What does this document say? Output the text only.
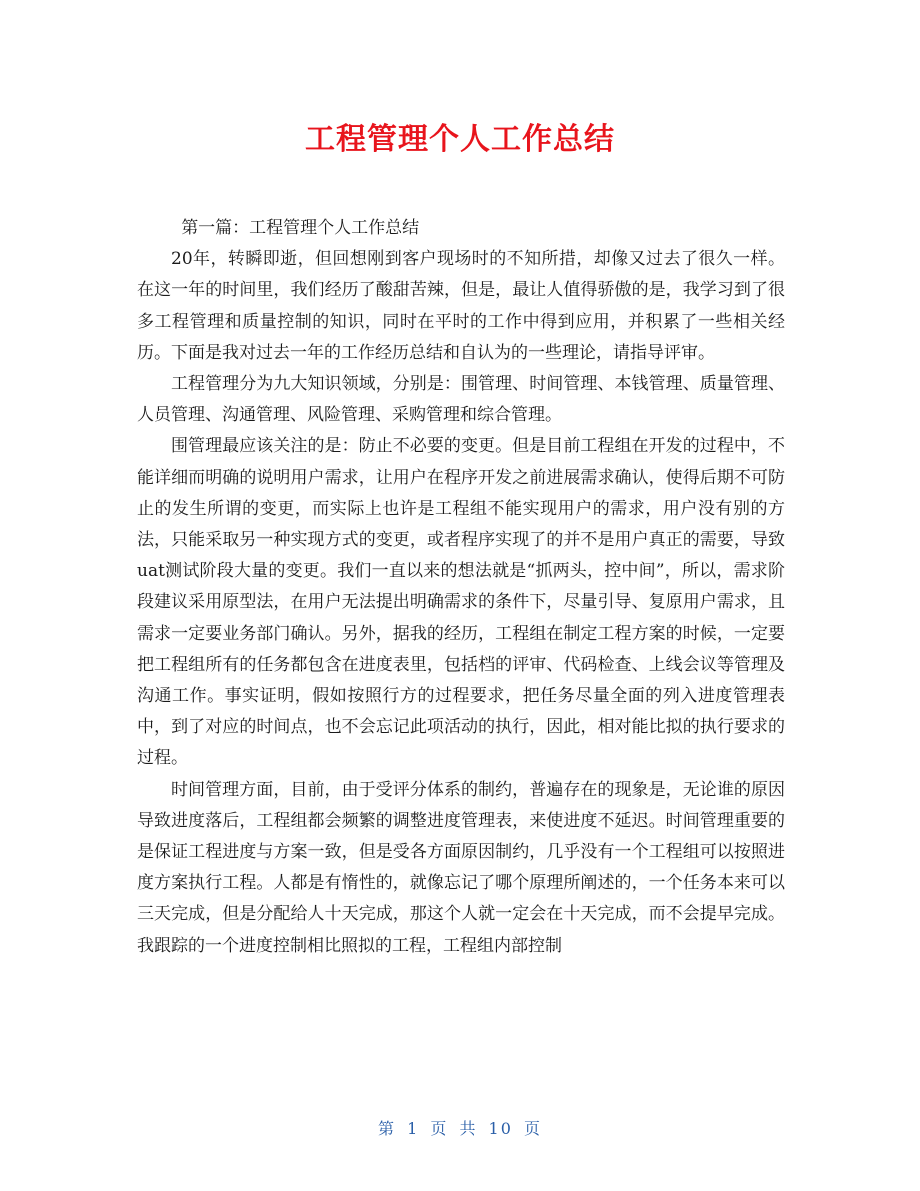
工程管理个人工作总结

第一篇：工程管理个人工作总结

20年，转瞬即逝，但回想刚到客户现场时的不知所措，却像又过去了很久一样。在这一年的时间里，我们经历了酸甜苦辣，但是，最让人值得骄傲的是，我学习到了很多工程管理和质量控制的知识，同时在平时的工作中得到应用，并积累了一些相关经历。下面是我对过去一年的工作经历总结和自认为的一些理论，请指导评审。

工程管理分为九大知识领域，分别是：围管理、时间管理、本钱管理、质量管理、人员管理、沟通管理、风险管理、采购管理和综合管理。

围管理最应该关注的是：防止不必要的变更。但是目前工程组在开发的过程中，不能详细而明确的说明用户需求，让用户在程序开发之前进展需求确认，使得后期不可防止的发生所谓的变更，而实际上也许是工程组不能实现用户的需求，用户没有别的方法，只能采取另一种实现方式的变更，或者程序实现了的并不是用户真正的需要，导致uat测试阶段大量的变更。我们一直以来的想法就是“抓两头，控中间”，所以，需求阶段建议采用原型法，在用户无法提出明确需求的条件下，尽量引导、复原用户需求，且需求一定要业务部门确认。另外，据我的经历，工程组在制定工程方案的时候，一定要把工程组所有的任务都包含在进度表里，包括档的评审、代码检查、上线会议等管理及沟通工作。事实证明，假如按照行方的过程要求，把任务尽量全面的列入进度管理表中，到了对应的时间点，也不会忘记此项活动的执行，因此，相对能比拟的执行要求的过程。

时间管理方面，目前，由于受评分体系的制约，普遍存在的现象是，无论谁的原因导致进度落后，工程组都会频繁的调整进度管理表，来使进度不延迟。时间管理重要的是保证工程进度与方案一致，但是受各方面原因制约，几乎没有一个工程组可以按照进度方案执行工程。人都是有惰性的，就像忘记了哪个原理所阐述的，一个任务本来可以三天完成，但是分配给人十天完成，那这个人就一定会在十天完成，而不会提早完成。我跟踪的一个进度控制相比照拟的工程，工程组内部控制

第 1 页 共 10 页
